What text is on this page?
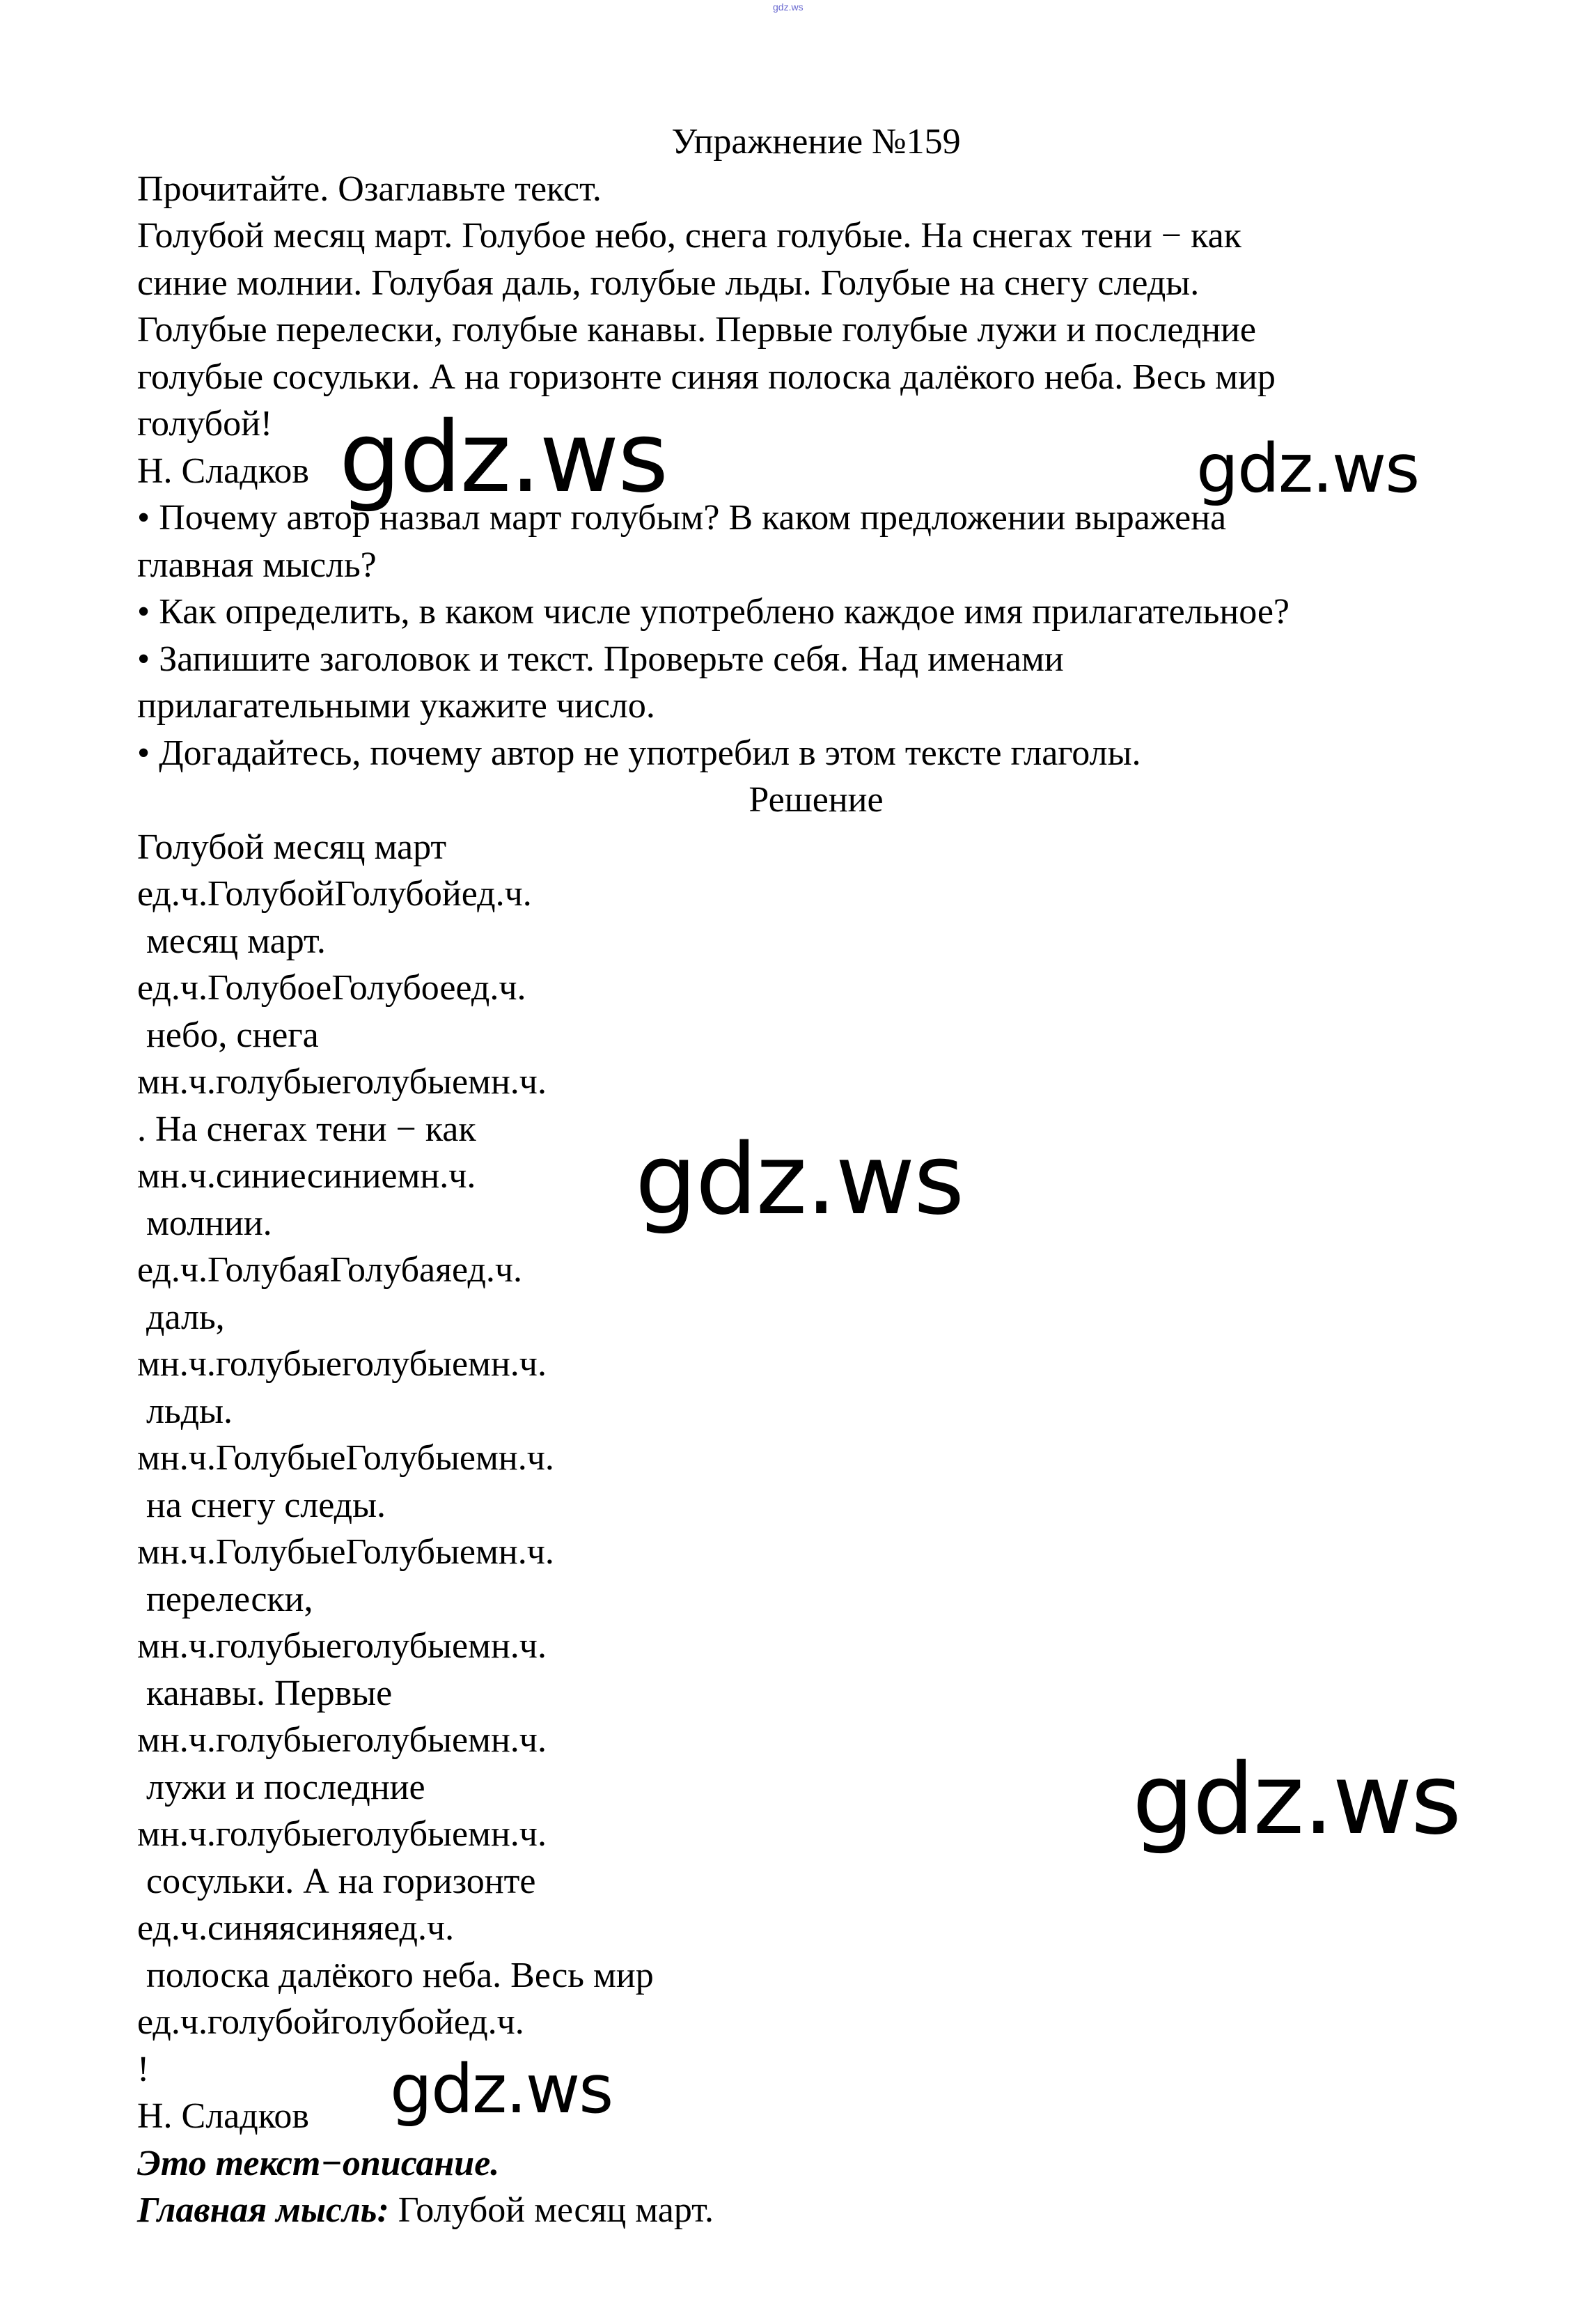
gdz.ws
Упражнение №159
Прочитайте. Озаглавьте текст.
Голубой месяц март. Голубое небо, снега голубые. На снегах тени − как
синие молнии. Голубая даль, голубые льды. Голубые на снегу следы.
Голубые перелески, голубые канавы. Первые голубые лужи и последние
голубые сосульки. А на горизонте синяя полоска далёкого неба. Весь мир
голубой!
Н. Сладков
• Почему автор назвал март голубым? В каком предложении выражена
главная мысль?
• Как определить, в каком числе употреблено каждое имя прилагательное?
• Запишите заголовок и текст. Проверьте себя. Над именами
прилагательными укажите число.
• Догадайтесь, почему автор не употребил в этом тексте глаголы.
Решение
Голубой месяц март
ед.ч.ГолубойГолубойед.ч.
месяц март.
ед.ч.ГолубоеГолубоеед.ч.
небо, снега
мн.ч.голубыеголубыемн.ч.
. На снегах тени − как
мн.ч.синиесиниемн.ч.
молнии.
ед.ч.ГолубаяГолубаяед.ч.
даль,
мн.ч.голубыеголубыемн.ч.
льды.
мн.ч.ГолубыеГолубыемн.ч.
на снегу следы.
мн.ч.ГолубыеГолубыемн.ч.
перелески,
мн.ч.голубыеголубыемн.ч.
канавы. Первые
мн.ч.голубыеголубыемн.ч.
лужи и последние
мн.ч.голубыеголубыемн.ч.
сосульки. А на горизонте
ед.ч.синяясиняяед.ч.
полоска далёкого неба. Весь мир
ед.ч.голубойголубойед.ч.
!
Н. Сладков
Это текст−описание.
Главная мысль: Голубой месяц март.
gdz.ws	gdz.ws
gdz.ws
gdz.ws
gdz.ws
